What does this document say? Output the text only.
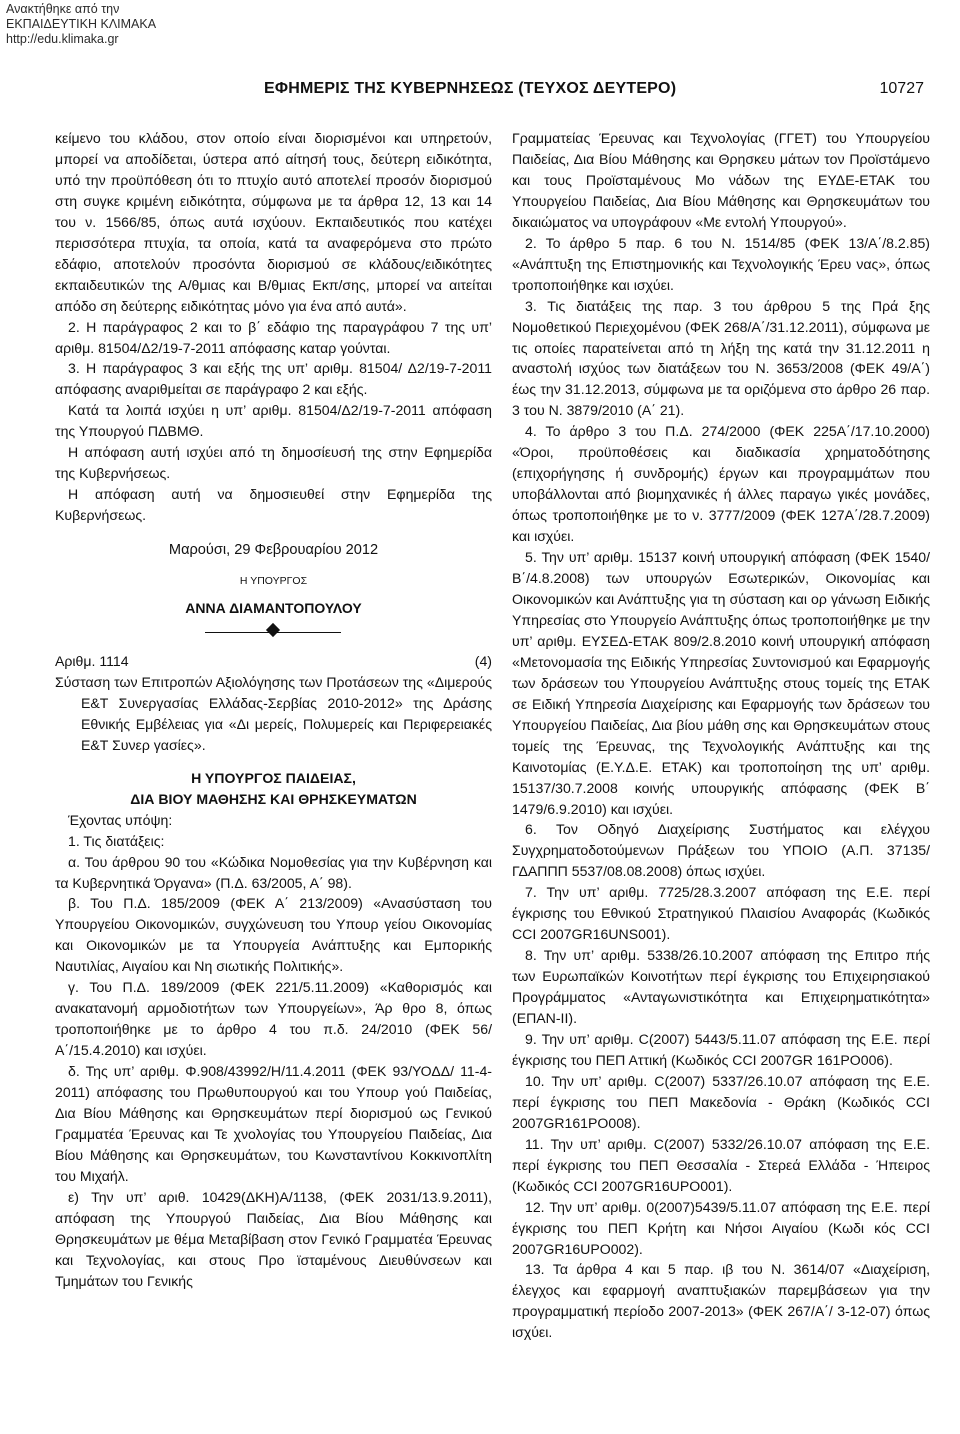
Ανακτήθηκε από την
ΕΚΠΑΙΔΕΥΤΙΚΗ ΚΛΙΜΑΚΑ
http://edu.klimaka.gr
ΕΦΗΜΕΡΙΣ ΤΗΣ ΚΥΒΕΡΝΗΣΕΩΣ (ΤΕΥΧΟΣ ΔΕΥΤΕΡΟ)	10727

κείμενο του κλάδου, στον οποίο είναι διορισμένοι και υπηρετούν, μπορεί να αποδίδεται, ύστερα από αίτησή τους, δεύτερη ειδικότητα, υπό την προϋπόθεση ότι το πτυχίο αυτό αποτελεί προσόν διορισμού στη συγκε κριμένη ειδικότητα, σύμφωνα με τα άρθρα 12, 13 και 14 του ν. 1566/85, όπως αυτά ισχύουν. Εκπαιδευτικός που κατέχει περισσότερα πτυχία, τα οποία, κατά τα αναφερόμενα στο πρώτο εδάφιο, αποτελούν προσόντα διορισμού σε κλάδους/ειδικότητες εκπαιδευτικών της Α/θμιας και Β/θμιας Εκπ/σης, μπορεί να αιτείται απόδο ση δεύτερης ειδικότητας μόνο για ένα από αυτά».

2. Η παράγραφος 2 και το β΄ εδάφιο της παραγράφου 7 της υπ’ αριθμ. 81504/Δ2/19-7-2011 απόφασης καταρ γούνται.

3. Η παράγραφος 3 και εξής της υπ’ αριθμ. 81504/ Δ2/19-7-2011 απόφασης αναριθμείται σε παράγραφο 2 και εξής.

Κατά τα λοιπά ισχύει η υπ’ αριθμ. 81504/Δ2/19-7-2011 απόφαση της Υπουργού ΠΔΒΜΘ.

Η απόφαση αυτή ισχύει από τη δημοσίευσή της στην Εφημερίδα της Κυβερνήσεως.

Η απόφαση αυτή να δημοσιευθεί στην Εφημερίδα της Κυβερνήσεως.

Μαρούσι, 29 Φεβρουαρίου 2012

Η ΥΠΟΥΡΓΟΣ

ΑΝΝΑ ΔΙΑΜΑΝΤΟΠΟΥΛΟΥ

Αριθμ. 1114	(4)

Σύσταση των Επιτροπών Αξιολόγησης των Προτάσεων της «Διμερούς Ε&Τ Συνεργασίας Ελλάδας-Σερβίας 2010-2012» της Δράσης Εθνικής Εμβέλειας για «Δι μερείς, Πολυμερείς και Περιφερειακές Ε&Τ Συνερ γασίες».

Η ΥΠΟΥΡΓΟΣ ΠΑΙΔΕΙΑΣ,

ΔΙΑ ΒΙΟΥ ΜΑΘΗΣΗΣ ΚΑΙ ΘΡΗΣΚΕΥΜΑΤΩΝ

Έχοντας υπόψη:

1. Τις διατάξεις:

α. Του άρθρου 90 του «Κώδικα Νομοθεσίας για την Κυβέρνηση και τα Κυβερνητικά Όργανα» (Π.Δ. 63/2005, Α΄ 98).

β. Του Π.Δ. 185/2009 (ΦΕΚ Α΄ 213/2009) «Ανασύσταση του Υπουργείου Οικονομικών, συγχώνευση του Υπουρ γείου Οικονομίας και Οικονομικών με τα Υπουργεία Ανάπτυξης και Εμπορικής Ναυτιλίας, Αιγαίου και Νη σιωτικής Πολιτικής».

γ. Του Π.Δ. 189/2009 (ΦΕΚ 221/5.11.2009) «Καθορισμός και ανακατανομή αρμοδιοτήτων των Υπουργείων», Άρ θρο 8, όπως τροποποιήθηκε με το άρθρο 4 του π.δ. 24/2010 (ΦΕΚ 56/Α΄/15.4.2010) και ισχύει.

δ. Της υπ’ αριθμ. Φ.908/43992/Η/11.4.2011 (ΦΕΚ 93/ΥΟΔΔ/ 11-4-2011) απόφασης του Πρωθυπουργού και του Υπουρ γού Παιδείας, Δια Βίου Μάθησης και Θρησκευμάτων περί διορισμού ως Γενικού Γραμματέα Έρευνας και Τε χνολογίας του Υπουργείου Παιδείας, Δια Βίου Μάθησης και Θρησκευμάτων, του Κωνσταντίνου Κοκκινοπλίτη του Μιχαήλ.

ε) Την υπ’ αριθ. 10429(ΔΚΗ)Α/1138, (ΦΕΚ 2031/13.9.2011), απόφαση της Υπουργού Παιδείας, Δια Βίου Μάθησης και Θρησκευμάτων με θέμα Μεταβίβαση στον Γενικό Γραμματέα Έρευνας και Τεχνολογίας, και στους Προ ϊσταμένους Διευθύνσεων και Τμημάτων του Γενικής

Γραμματείας Έρευνας και Τεχνολογίας (ΓΓΕΤ) του Υπουργείου Παιδείας, Δια Βίου Μάθησης και Θρησκευ μάτων τον Προϊστάμενο και τους Προϊσταμένους Μο νάδων της ΕΥΔΕ-ΕΤΑΚ του Υπουργείου Παιδείας, Δια Βίου Μάθησης και Θρησκευμάτων του δικαιώματος να υπογράφουν «Με εντολή Υπουργού».

2. Το άρθρο 5 παρ. 6 του Ν. 1514/85 (ΦΕΚ 13/Α΄/8.2.85) «Ανάπτυξη της Επιστημονικής και Τεχνολογικής Έρευ νας», όπως τροποποιήθηκε και ισχύει.

3. Τις διατάξεις της παρ. 3 του άρθρου 5 της Πρά ξης Νομοθετικού Περιεχομένου (ΦΕΚ 268/Α΄/31.12.2011), σύμφωνα με τις οποίες παρατείνεται από τη λήξη της κατά την 31.12.2011 η αναστολή ισχύος των διατάξεων του Ν. 3653/2008 (ΦΕΚ 49/Α΄) έως την 31.12.2013, σύμφωνα με τα οριζόμενα στο άρθρο 26 παρ. 3 του Ν. 3879/2010 (Α΄ 21).

4. Το άρθρο 3 του Π.Δ. 274/2000 (ΦΕΚ 225Α΄/17.10.2000) «Όροι, προϋποθέσεις και διαδικασία χρηματοδότησης (επιχορήγησης ή συνδρομής) έργων και προγραμμάτων που υποβάλλονται από βιομηχανικές ή άλλες παραγω γικές μονάδες, όπως τροποποιήθηκε με το ν. 3777/2009 (ΦΕΚ 127Α΄/28.7.2009) και ισχύει.

5. Την υπ’ αριθμ. 15137 κοινή υπουργική απόφαση (ΦΕΚ 1540/Β΄/4.8.2008) των υπουργών Εσωτερικών, Οικονομίας και Οικονομικών και Ανάπτυξης για τη σύσταση και ορ γάνωση Ειδικής Υπηρεσίας στο Υπουργείο Ανάπτυξης όπως τροποποιήθηκε με την υπ’ αριθμ. ΕΥΣΕΔ-ΕΤΑΚ 809/2.8.2010 κοινή υπουργική απόφαση «Μετονομασία της Ειδικής Υπηρεσίας Συντονισμού και Εφαρμογής των δράσεων του Υπουργείου Ανάπτυξης στους τομείς της ΕΤΑΚ σε Ειδική Υπηρεσία Διαχείρισης και Εφαρμογής των δράσεων του Υπουργείου Παιδείας, Δια βίου μάθη σης και Θρησκευμάτων στους τομείς της Έρευνας, της Τεχνολογικής Ανάπτυξης και της Καινοτομίας (Ε.Υ.Δ.Ε. ΕΤΑΚ) και τροποποίηση της υπ’ αριθμ. 15137/30.7.2008 κοινής υπουργικής απόφασης (ΦΕΚ Β΄ 1479/6.9.2010) και ισχύει.

6. Τον Οδηγό Διαχείρισης Συστήματος και ελέγχου Συγχρηματοδοτούμενων Πράξεων του ΥΠΟΙΟ (Α.Π. 37135/ΓΔΑΠΠΠ 5537/08.08.2008) όπως ισχύει.

7. Την υπ’ αριθμ. 7725/28.3.2007 απόφαση της Ε.Ε. περί έγκρισης του Εθνικού Στρατηγικού Πλαισίου Αναφοράς (Κωδικός CCI 2007GR16UNS001).

8. Την υπ’ αριθμ. 5338/26.10.2007 απόφαση της Επιτρο πής των Ευρωπαϊκών Κοινοτήτων περί έγκρισης του Επιχειρησιακού Προγράμματος «Ανταγωνιστικότητα και Επιχειρηματικότητα» (ΕΠΑΝ-ΙΙ).

9. Την υπ’ αριθμ. C(2007) 5443/5.11.07 απόφαση της Ε.Ε. περί έγκρισης του ΠΕΠ Αττική (Κωδικός CCI 2007GR 161PO006).

10. Την υπ’ αριθμ. C(2007) 5337/26.10.07 απόφαση της Ε.Ε. περί έγκρισης του ΠΕΠ Μακεδονία - Θράκη (Κωδικός CCI 2007GR161PO008).

11. Την υπ’ αριθμ. C(2007) 5332/26.10.07 απόφαση της Ε.Ε. περί έγκρισης του ΠΕΠ Θεσσαλία - Στερεά Ελλάδα - Ήπειρος (Κωδικός CCI 2007GR16UPO001).

12. Την υπ’ αριθμ. 0(2007)5439/5.11.07 απόφαση της Ε.Ε. περί έγκρισης του ΠΕΠ Κρήτη και Νήσοι Αιγαίου (Κωδι κός CCI 2007GR16UPO002).

13. Τα άρθρα 4 και 5 παρ. ιβ του Ν. 3614/07 «Διαχείριση, έλεγχος και εφαρμογή αναπτυξιακών παρεμβάσεων για την προγραμματική περίοδο 2007-2013» (ΦΕΚ 267/Α΄/ 3-12-07) όπως ισχύει.
